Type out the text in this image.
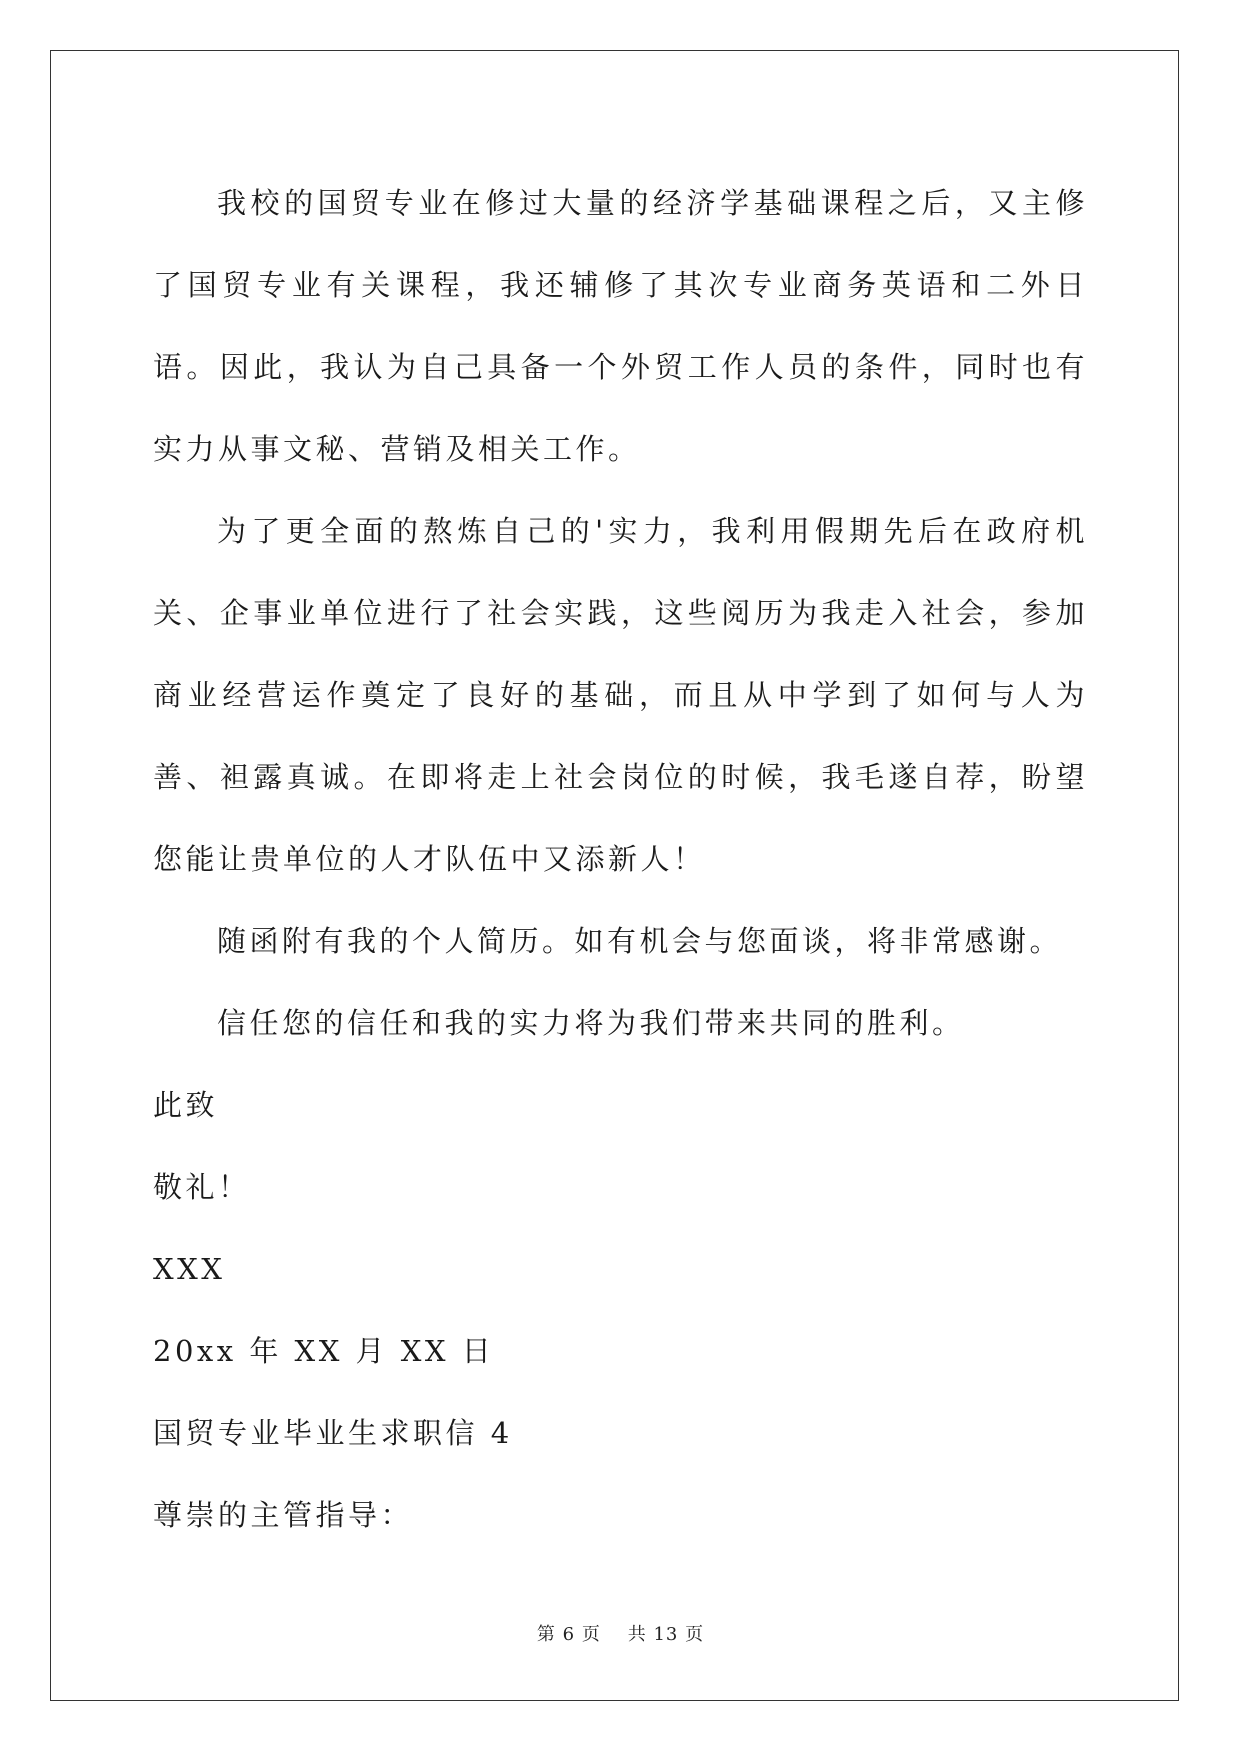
我校的国贸专业在修过大量的经济学基础课程之后，又主修了国贸专业有关课程，我还辅修了其次专业商务英语和二外日语。因此，我认为自己具备一个外贸工作人员的条件，同时也有实力从事文秘、营销及相关工作。

为了更全面的熬炼自己的'实力，我利用假期先后在政府机关、企事业单位进行了社会实践，这些阅历为我走入社会，参加商业经营运作奠定了良好的基础，而且从中学到了如何与人为善、袒露真诚。在即将走上社会岗位的时候，我毛遂自荐，盼望您能让贵单位的人才队伍中又添新人！

随函附有我的个人简历。如有机会与您面谈，将非常感谢。

信任您的信任和我的实力将为我们带来共同的胜利。

此致

敬礼！

XXX

20xx 年 XX 月 XX 日

国贸专业毕业生求职信 4

尊崇的主管指导：

第 6 页 共 13 页
